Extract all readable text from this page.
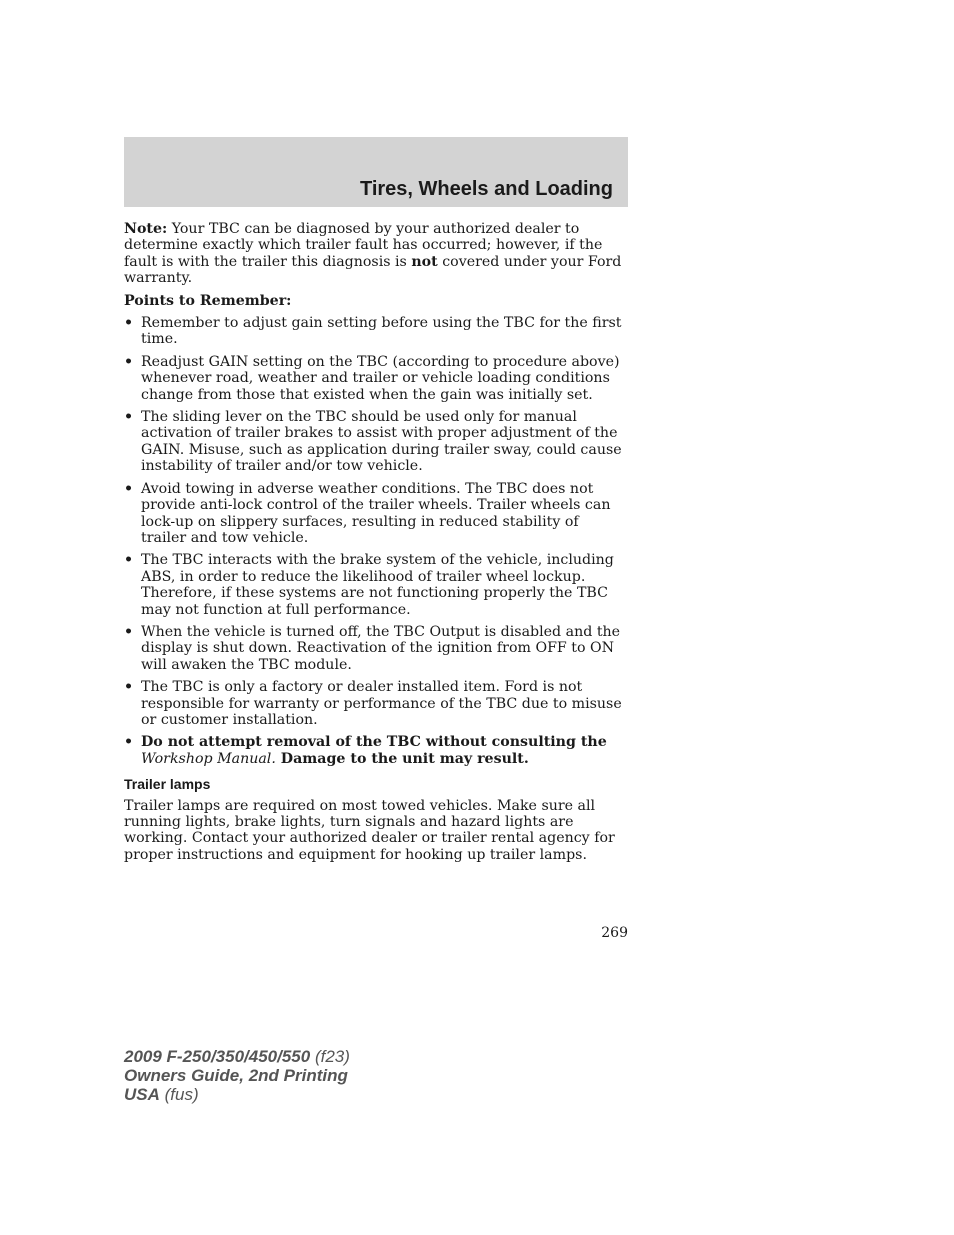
Tires, Wheels and Loading

Note: Your TBC can be diagnosed by your authorized dealer to determine exactly which trailer fault has occurred; however, if the fault is with the trailer this diagnosis is not covered under your Ford warranty.

Points to Remember:

• Remember to adjust gain setting before using the TBC for the first time.
• Readjust GAIN setting on the TBC (according to procedure above) whenever road, weather and trailer or vehicle loading conditions change from those that existed when the gain was initially set.
• The sliding lever on the TBC should be used only for manual activation of trailer brakes to assist with proper adjustment of the GAIN. Misuse, such as application during trailer sway, could cause instability of trailer and/or tow vehicle.
• Avoid towing in adverse weather conditions. The TBC does not provide anti-lock control of the trailer wheels. Trailer wheels can lock-up on slippery surfaces, resulting in reduced stability of trailer and tow vehicle.
• The TBC interacts with the brake system of the vehicle, including ABS, in order to reduce the likelihood of trailer wheel lockup. Therefore, if these systems are not functioning properly the TBC may not function at full performance.
• When the vehicle is turned off, the TBC Output is disabled and the display is shut down. Reactivation of the ignition from OFF to ON will awaken the TBC module.
• The TBC is only a factory or dealer installed item. Ford is not responsible for warranty or performance of the TBC due to misuse or customer installation.
• Do not attempt removal of the TBC without consulting the Workshop Manual. Damage to the unit may result.

Trailer lamps

Trailer lamps are required on most towed vehicles. Make sure all running lights, brake lights, turn signals and hazard lights are working. Contact your authorized dealer or trailer rental agency for proper instructions and equipment for hooking up trailer lamps.

269

2009 F-250/350/450/550 (f23)
Owners Guide, 2nd Printing
USA (fus)
